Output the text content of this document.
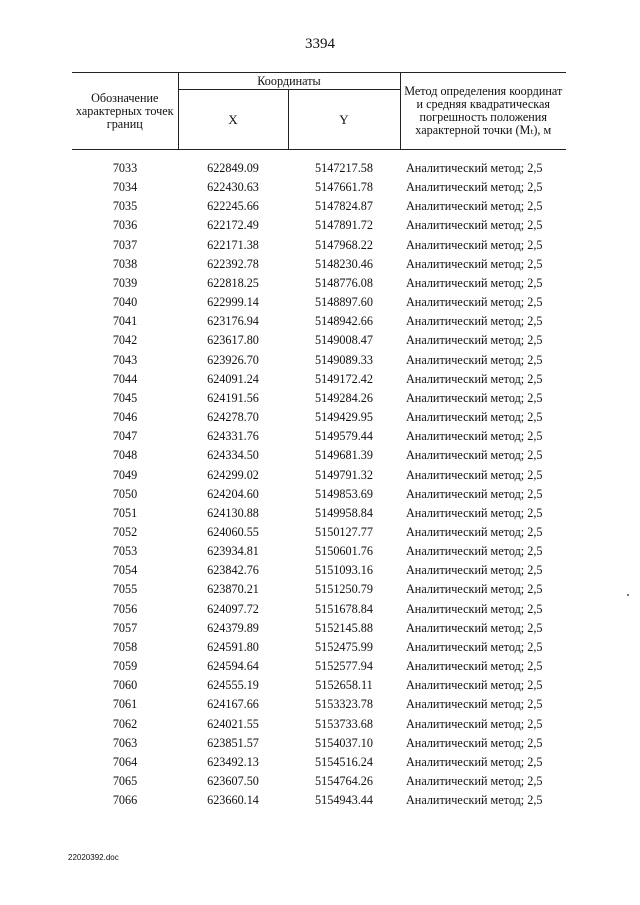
3394
Обозначение характерных точек границ	Координаты		Метод определения координат и средняя квадратическая погрешность положения характерной точки (Mₜ), м
	X	Y	
7033	622849.09	5147217.58	Аналитический метод; 2,5
7034	622430.63	5147661.78	Аналитический метод; 2,5
7035	622245.66	5147824.87	Аналитический метод; 2,5
7036	622172.49	5147891.72	Аналитический метод; 2,5
7037	622171.38	5147968.22	Аналитический метод; 2,5
7038	622392.78	5148230.46	Аналитический метод; 2,5
7039	622818.25	5148776.08	Аналитический метод; 2,5
7040	622999.14	5148897.60	Аналитический метод; 2,5
7041	623176.94	5148942.66	Аналитический метод; 2,5
7042	623617.80	5149008.47	Аналитический метод; 2,5
7043	623926.70	5149089.33	Аналитический метод; 2,5
7044	624091.24	5149172.42	Аналитический метод; 2,5
7045	624191.56	5149284.26	Аналитический метод; 2,5
7046	624278.70	5149429.95	Аналитический метод; 2,5
7047	624331.76	5149579.44	Аналитический метод; 2,5
7048	624334.50	5149681.39	Аналитический метод; 2,5
7049	624299.02	5149791.32	Аналитический метод; 2,5
7050	624204.60	5149853.69	Аналитический метод; 2,5
7051	624130.88	5149958.84	Аналитический метод; 2,5
7052	624060.55	5150127.77	Аналитический метод; 2,5
7053	623934.81	5150601.76	Аналитический метод; 2,5
7054	623842.76	5151093.16	Аналитический метод; 2,5
7055	623870.21	5151250.79	Аналитический метод; 2,5
7056	624097.72	5151678.84	Аналитический метод; 2,5
7057	624379.89	5152145.88	Аналитический метод; 2,5
7058	624591.80	5152475.99	Аналитический метод; 2,5
7059	624594.64	5152577.94	Аналитический метод; 2,5
7060	624555.19	5152658.11	Аналитический метод; 2,5
7061	624167.66	5153323.78	Аналитический метод; 2,5
7062	624021.55	5153733.68	Аналитический метод; 2,5
7063	623851.57	5154037.10	Аналитический метод; 2,5
7064	623492.13	5154516.24	Аналитический метод; 2,5
7065	623607.50	5154764.26	Аналитический метод; 2,5
7066	623660.14	5154943.44	Аналитический метод; 2,5
22020392.doc
